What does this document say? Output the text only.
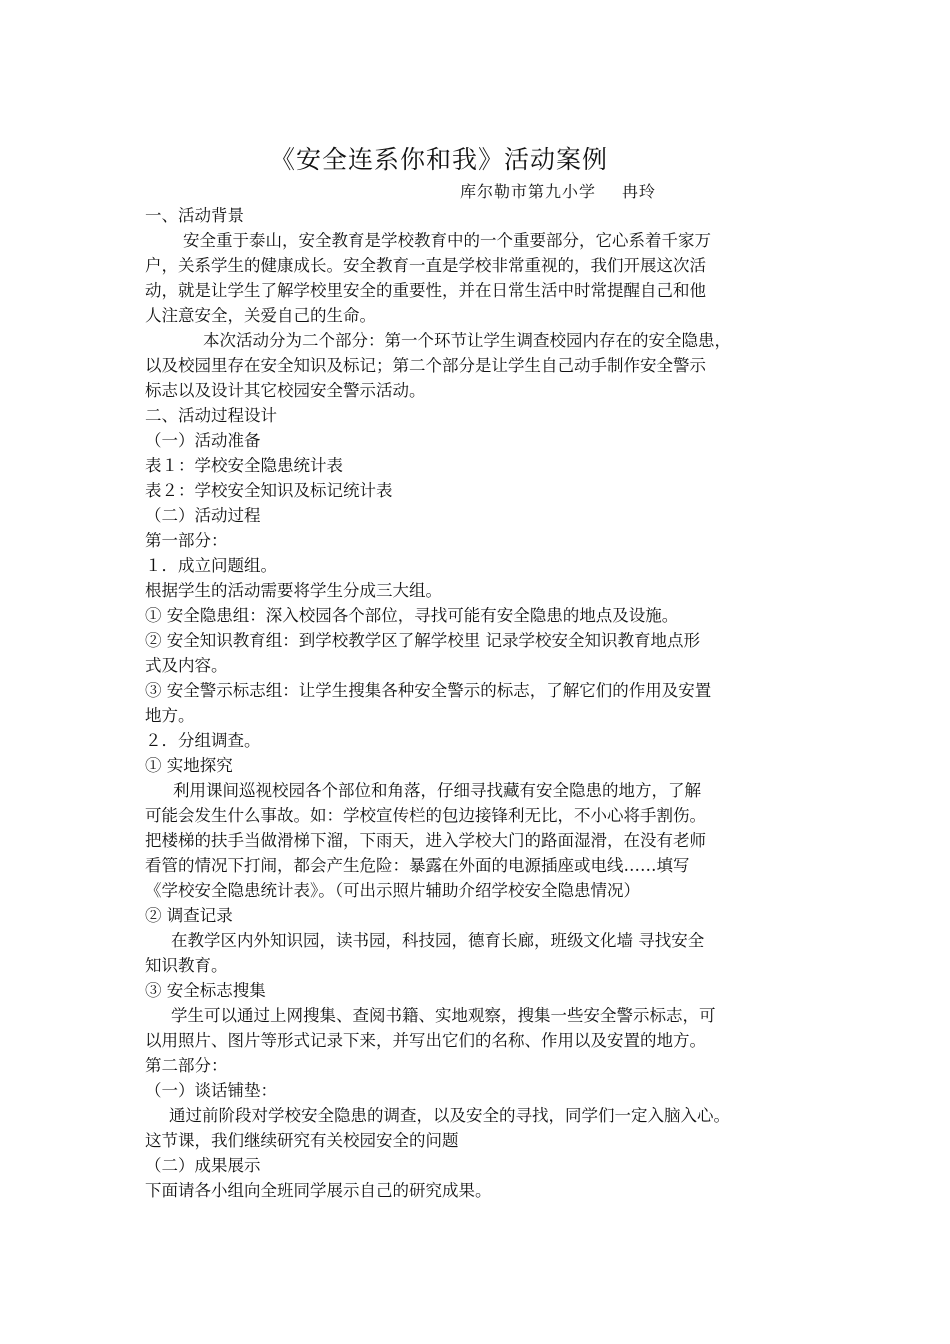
《安全连系你和我》活动案例
库尔勒市第九小学 冉玲

一、活动背景

安全重于泰山，安全教育是学校教育中的一个重要部分，它心系着千家万

户，关系学生的健康成长。安全教育一直是学校非常重视的，我们开展这次活

动，就是让学生了解学校里安全的重要性，并在日常生活中时常提醒自己和他

人注意安全，关爱自己的生命。

本次活动分为二个部分：第一个环节让学生调查校园内存在的安全隐患，

以及校园里存在安全知识及标记；第二个部分是让学生自己动手制作安全警示

标志以及设计其它校园安全警示活动。

二、活动过程设计

（一）活动准备

表１：学校安全隐患统计表

表２：学校安全知识及标记统计表

（二）活动过程

第一部分：

１．成立问题组。

根据学生的活动需要将学生分成三大组。

① 安全隐患组：深入校园各个部位，寻找可能有安全隐患的地点及设施。

② 安全知识教育组：到学校教学区了解学校里 记录学校安全知识教育地点形

式及内容。

③ 安全警示标志组：让学生搜集各种安全警示的标志，了解它们的作用及安置

地方。

２．分组调查。

① 实地探究

利用课间巡视校园各个部位和角落，仔细寻找藏有安全隐患的地方，了解

可能会发生什么事故。如：学校宣传栏的包边接锋利无比，不小心将手割伤。

把楼梯的扶手当做滑梯下溜，下雨天，进入学校大门的路面湿滑，在没有老师

看管的情况下打闹，都会产生危险：暴露在外面的电源插座或电线……填写

《学校安全隐患统计表》。（可出示照片辅助介绍学校安全隐患情况）

② 调查记录

在教学区内外知识园，读书园，科技园，德育长廊，班级文化墙 寻找安全

知识教育。

③ 安全标志搜集

学生可以通过上网搜集、查阅书籍、实地观察，搜集一些安全警示标志，可

以用照片、图片等形式记录下来，并写出它们的名称、作用以及安置的地方。

第二部分：

（一）谈话铺垫：

通过前阶段对学校安全隐患的调查，以及安全的寻找，同学们一定入脑入心。

这节课，我们继续研究有关校园安全的问题

（二）成果展示

下面请各小组向全班同学展示自己的研究成果。
